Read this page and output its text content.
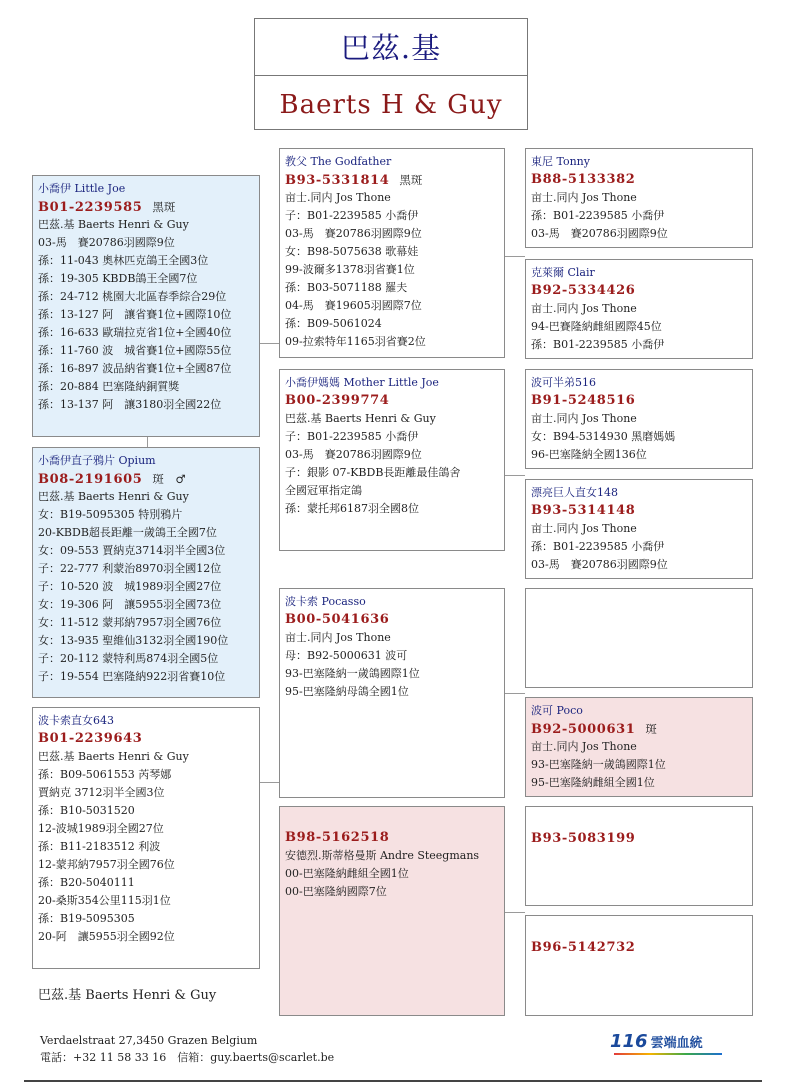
巴茲.基
Baerts H & Guy
小喬伊 Little Joe
B01-2239585 黑斑
巴茲.基 Baerts Henri & Guy
03-馬　賽20786羽國際9位
孫：11-043 奧林匹克鴿王全國3位
孫：19-305 KBDB鴿王全國7位
孫：24-712 桃園大北區春季綜合29位
孫：13-127 阿　讓省賽1位+國際10位
孫：16-633 歐瑞拉克省1位+全國40位
孫：11-760 波　城省賽1位+國際55位
孫：16-897 波品納省賽1位+全國87位
孫：20-884 巴塞隆納銅質獎
孫：13-137 阿　讓3180羽全國22位
小喬伊直子鴉片 Opium
B08-2191605 斑　♂
巴茲.基 Baerts Henri & Guy
女：B19-5095305 特別鴉片
20-KBDB超長距離一歲鴿王全國7位
女：09-553 賈納克3714羽半全國3位
子：22-777 利蒙治8970羽全國12位
子：10-520 波　城1989羽全國27位
女：19-306 阿　讓5955羽全國73位
女：11-512 蒙邦納7957羽全國76位
女：13-935 聖維仙3132羽全國190位
子：20-112 蒙特利馬874羽全國5位
子：19-554 巴塞隆納922羽省賽10位
波卡索直女643
B01-2239643
巴茲.基 Baerts Henri & Guy
孫：B09-5061553 芮琴娜
賈納克 3712羽半全國3位
孫：B10-5031520
12-波城1989羽全國27位
孫：B11-2183512 利波
12-蒙邦納7957羽全國76位
孫：B20-5040111
20-桑斯354公里115羽1位
孫：B19-5095305
20-阿　讓5955羽全國92位
教父 The Godfather
B93-5331814 黑斑
亩士.同内 Jos Thone
子：B01-2239585 小喬伊
03-馬　賽20786羽國際9位
女：B98-5075638 歌幕娃
99-波爾多1378羽省賽1位
孫：B03-5071188 羅夫
04-馬　賽19605羽國際7位
孫：B09-5061024
09-拉索特年1165羽省賽2位
小喬伊媽媽 Mother Little Joe
B00-2399774
巴茲.基 Baerts Henri & Guy
子：B01-2239585 小喬伊
03-馬　賽20786羽國際9位
子：銀影 07-KBDB長距離最佳鴿舍
全國冠軍指定鴿
孫：蒙托邦6187羽全國8位
波卡索 Pocasso
B00-5041636
亩士.同内 Jos Thone
母：B92-5000631 波可
93-巴塞隆納一歲鴿國際1位
95-巴塞隆納母鴿全國1位
B98-5162518
安德烈.斯蒂格曼斯 Andre Steegmans
00-巴塞隆納雌組全國1位
00-巴塞隆納國際7位
東尼 Tonny
B88-5133382
亩士.同内 Jos Thone
孫：B01-2239585 小喬伊
03-馬　賽20786羽國際9位
克萊爾 Clair
B92-5334426
亩士.同内 Jos Thone
94-巴賽隆納雌組國際45位
孫：B01-2239585 小喬伊
波可半弟516
B91-5248516
亩士.同内 Jos Thone
女：B94-5314930 黑磨媽媽
96-巴塞隆納全國136位
漂亮巨人直女148
B93-5314148
亩士.同内 Jos Thone
孫：B01-2239585 小喬伊
03-馬　賽20786羽國際9位
波可 Poco
B92-5000631 斑
亩士.同内 Jos Thone
93-巴塞隆納一歲鴿國際1位
95-巴塞隆納雌組全國1位
B93-5083199
B96-5142732
巴茲.基 Baerts Henri & Guy
Verdaelstraat 27,3450 Grazen Belgium
電話：+32 11 58 33 16　信箱：guy.baerts@scarlet.be
116 雲端血統
